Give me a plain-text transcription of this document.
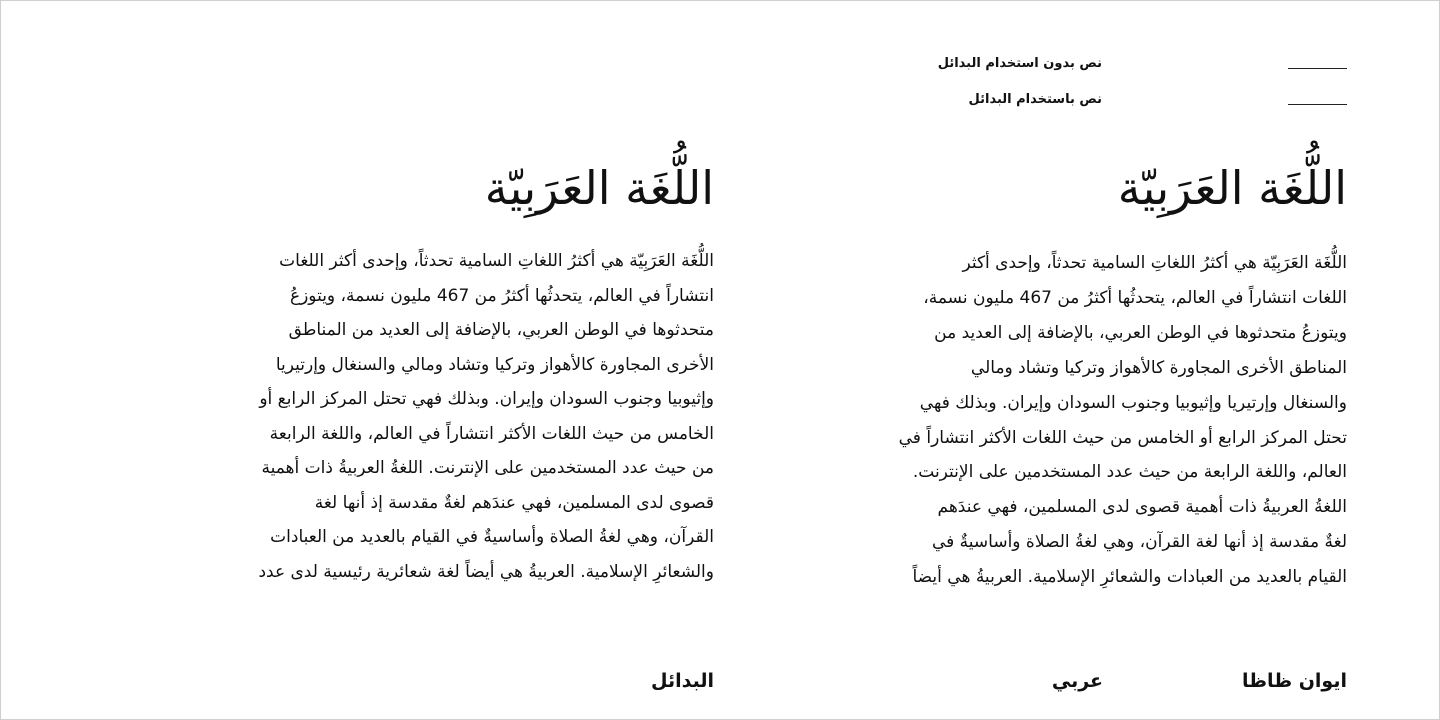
نص بدون استخدام البدائل
نص باستخدام البدائل
اللُّغَة العَرَبِيّة

اللُّغَة العَرَبِيّة هي أكثرُ اللغاتِ السامية تحدثاً، وإحدى أكثر
اللغات انتشاراً في العالم، يتحدثُها أكثرُ من 467 مليون نسمة،
ويتوزعُ متحدثوها في الوطن العربي، بالإضافة إلى العديد من
المناطق الأخرى المجاورة كالأهواز وتركيا وتشاد ومالي
والسنغال وإرتيريا وإثيوبيا وجنوب السودان وإيران. وبذلك فهي
تحتل المركز الرابع أو الخامس من حيث اللغات الأكثر انتشاراً في
العالم، واللغة الرابعة من حيث عدد المستخدمين على الإنترنت.
اللغةُ العربيةُ ذات أهمية قصوى لدى المسلمين، فهي عندَهم
لغةٌ مقدسة إذ أنها لغة القرآن، وهي لغةُ الصلاة وأساسيةٌ في
القيام بالعديد من العبادات والشعائرِ الإسلامية. العربيةُ هي أيضاً

اللُّغَة العَرَبِيّة

اللُّغَة العَرَبِيّة هي أكثرُ اللغاتِ السامية تحدثاً، وإحدى أكثر اللغات
انتشاراً في العالم، يتحدثُها أكثرُ من 467 مليون نسمة، ويتوزعُ
متحدثوها في الوطن العربي، بالإضافة إلى العديد من المناطق
الأخرى المجاورة كالأهواز وتركيا وتشاد ومالي والسنغال وإرتيريا
وإثيوبيا وجنوب السودان وإيران. وبذلك فهي تحتل المركز الرابع أو
الخامس من حيث اللغات الأكثر انتشاراً في العالم، واللغة الرابعة
من حيث عدد المستخدمين على الإنترنت. اللغةُ العربيةُ ذات أهمية
قصوى لدى المسلمين، فهي عندَهم لغةٌ مقدسة إذ أنها لغة
القرآن، وهي لغةُ الصلاة وأساسيةٌ في القيام بالعديد من العبادات
والشعائرِ الإسلامية. العربيةُ هي أيضاً لغة شعائرية رئيسية لدى عدد

ايوان ظاظا
عربي
البدائل
